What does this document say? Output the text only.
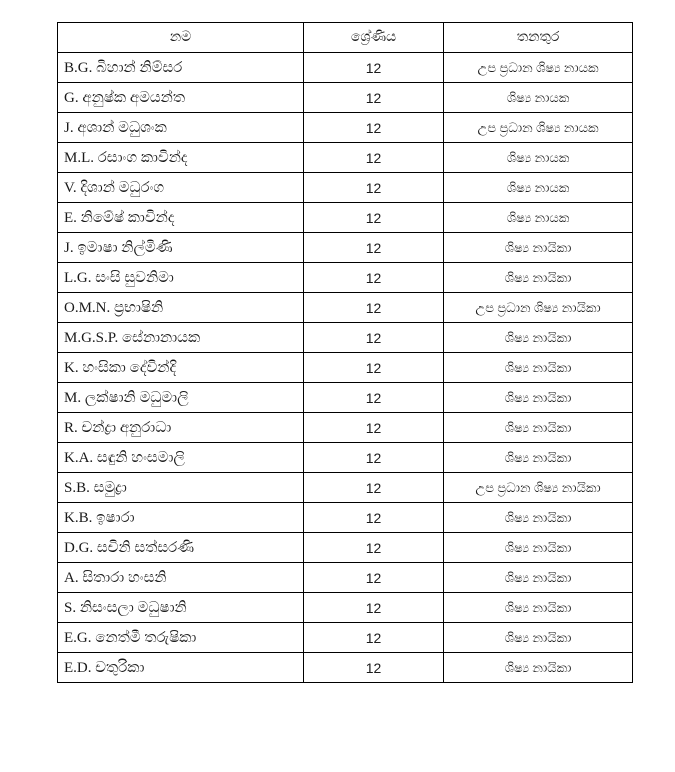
නම	ශ්‍රේණිය	තනතුර
B.G. බිහාන් නිම්සර	12	උප ප්‍රධාන ශිෂ්‍ය නායක
G. අනුෂ්ක අමයන්ත	12	ශිෂ්‍ය නායක
J. අශාන් මධුශංක	12	උප ප්‍රධාන ශිෂ්‍ය නායක
M.L. රසාංග කාවින්ද	12	ශිෂ්‍ය නායක
V. දිශාන් මධුරංග	12	ශිෂ්‍ය නායක
E. නිමේෂ් කාවින්ද	12	ශිෂ්‍ය නායක
J. ඉමාෂා නිල්මිණි	12	ශිෂ්‍ය නායිකා
L.G. සංසි සුවනිමා	12	ශිෂ්‍ය නායිකා
O.M.N. ප්‍රභාෂිනි	12	උප ප්‍රධාන ශිෂ්‍ය නායිකා
M.G.S.P. සේනානායක	12	ශිෂ්‍ය නායිකා
K. හංසිකා දේවින්දි	12	ශිෂ්‍ය නායිකා
M. ලක්ෂානි මධුමාලි	12	ශිෂ්‍ය නායිකා
R. චන්ද්‍රා අනුරාධා	12	ශිෂ්‍ය නායිකා
K.A. සඳුනි හංසමාලි	12	ශිෂ්‍ය නායිකා
S.B. සමුද්‍රා	12	උප ප්‍රධාන ශිෂ්‍ය නායිකා
K.B. ඉෂාරා	12	ශිෂ්‍ය නායිකා
D.G. සචිනි සත්සරණි	12	ශිෂ්‍ය නායිකා
A. සිතාරා හංසනි	12	ශිෂ්‍ය නායිකා
S. නිසංසලා මධුෂානි	12	ශිෂ්‍ය නායිකා
E.G. නෙත්මී තරුෂිකා	12	ශිෂ්‍ය නායිකා
E.D. චතුරිකා	12	ශිෂ්‍ය නායිකා
